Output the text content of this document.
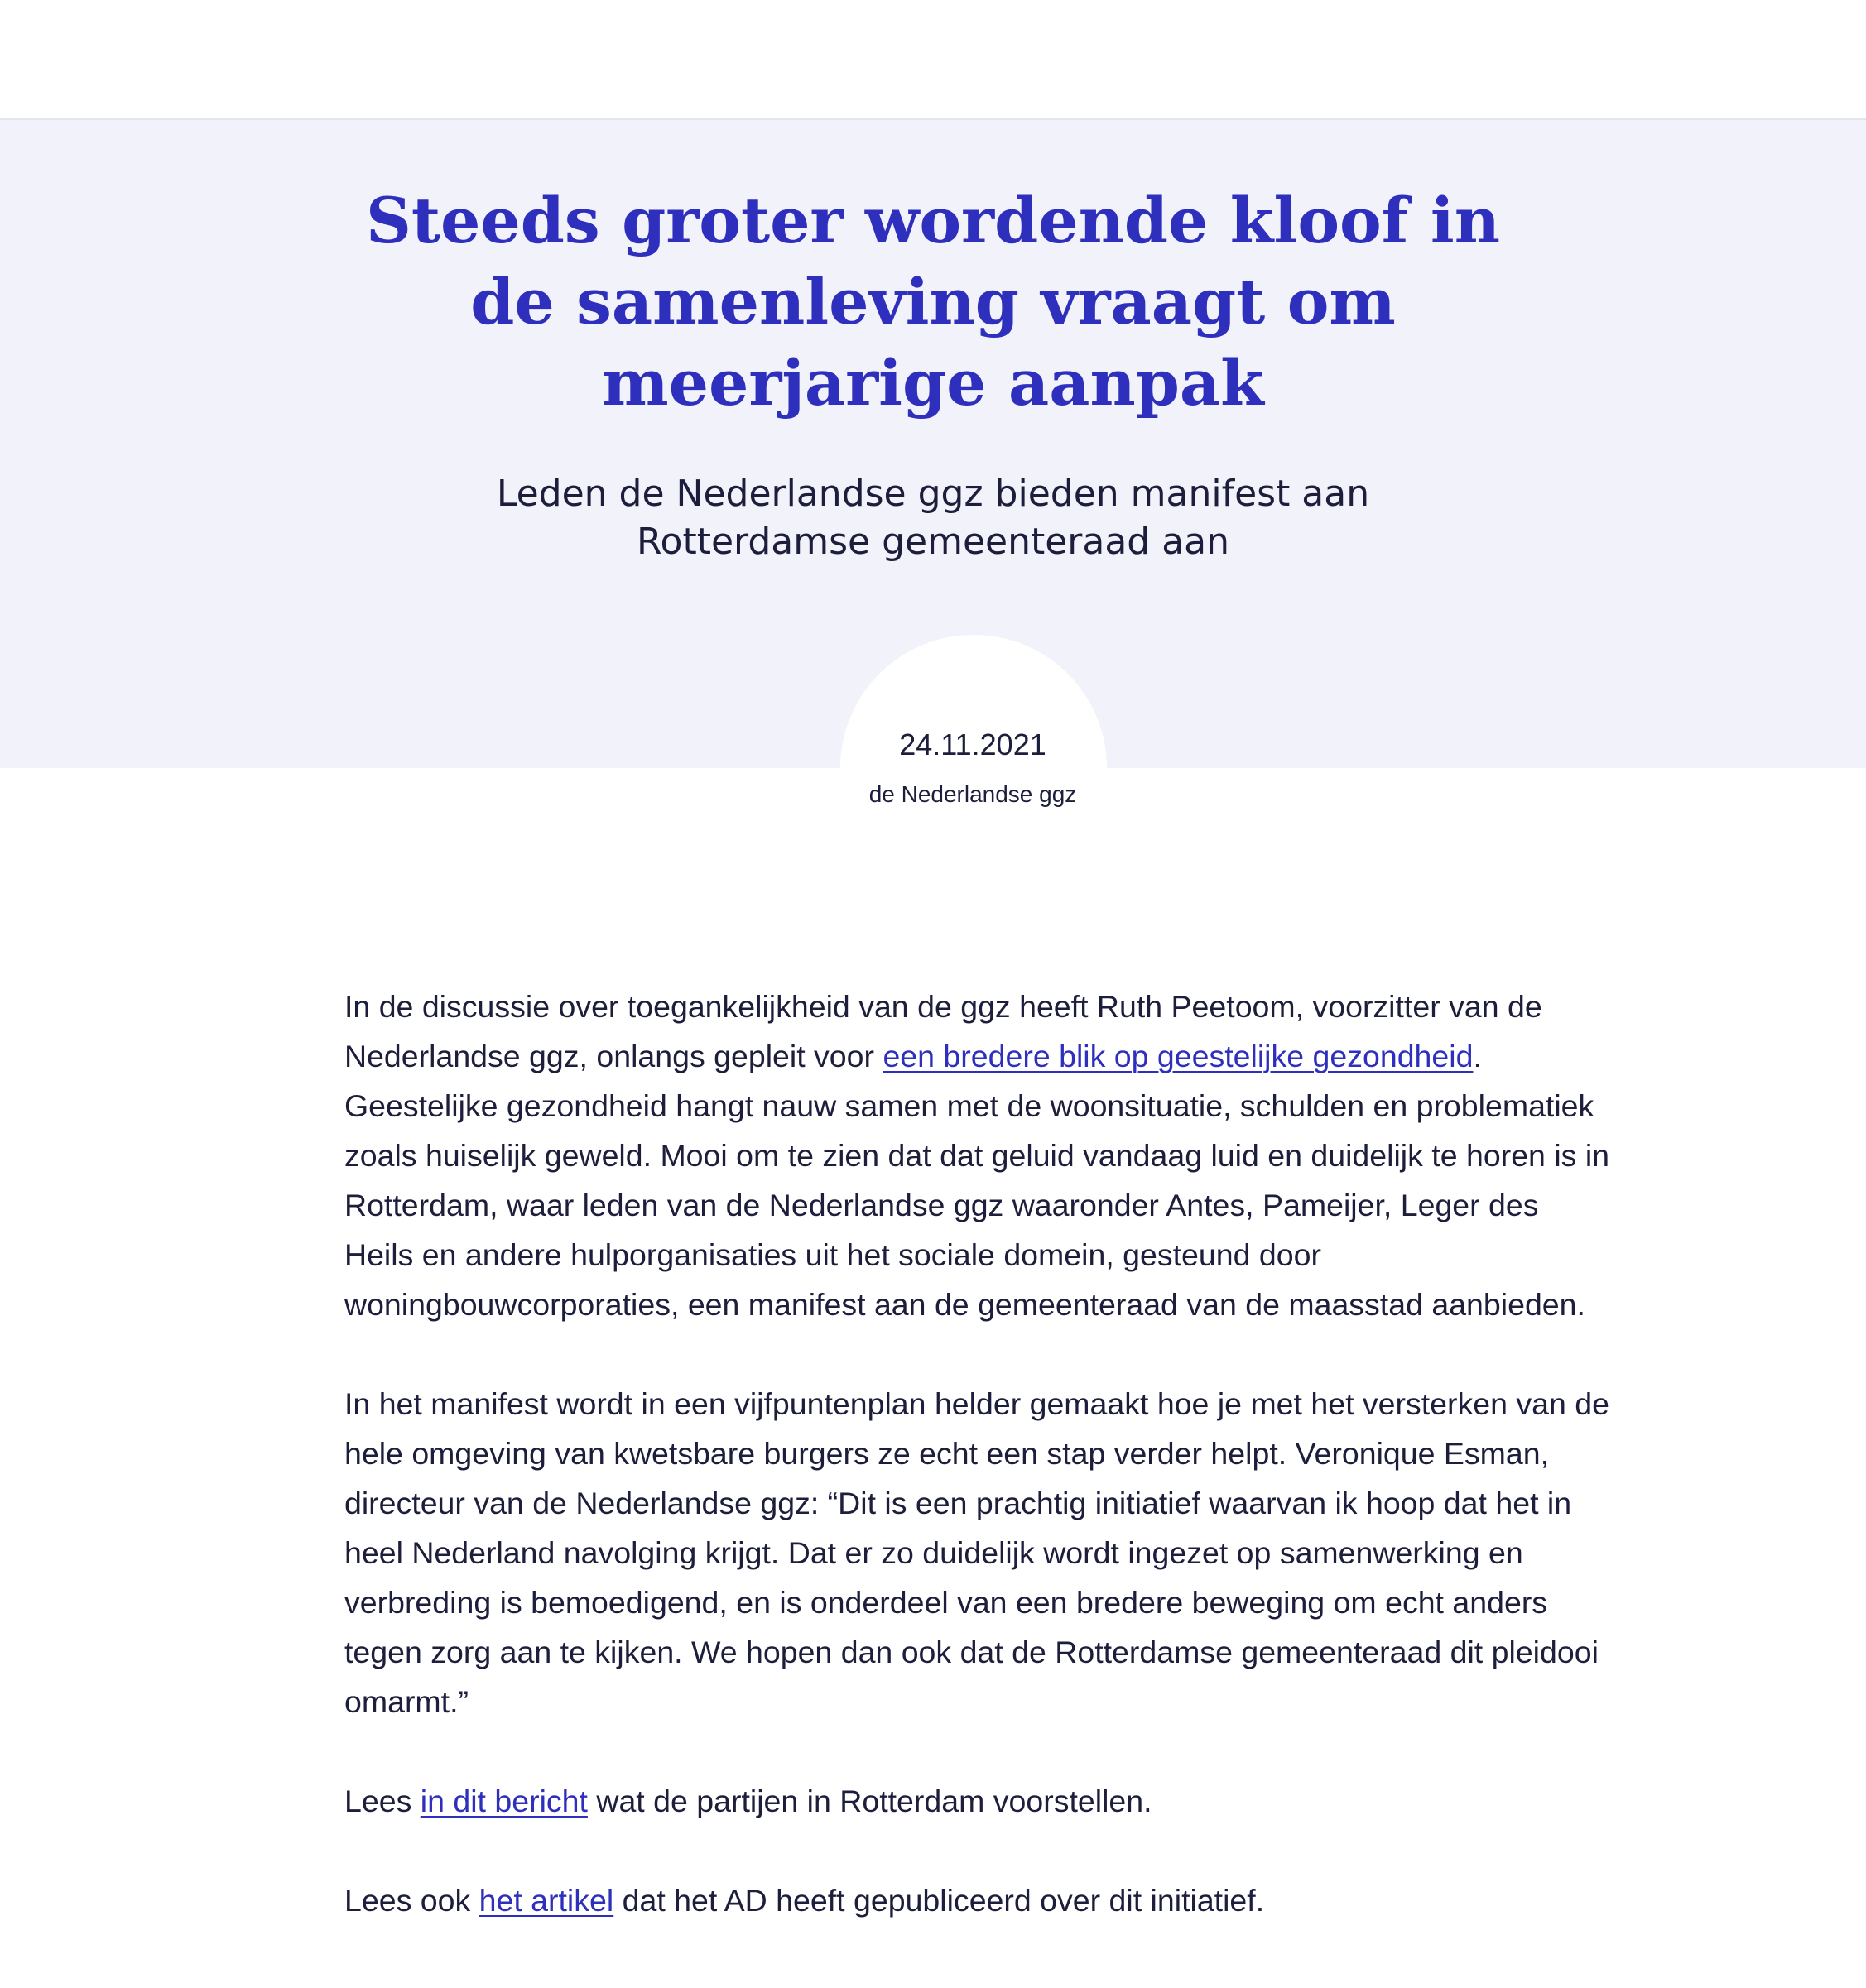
Steeds groter wordende kloof in de samenleving vraagt om meerjarige aanpak
Leden de Nederlandse ggz bieden manifest aan Rotterdamse gemeenteraad aan
24.11.2021
de Nederlandse ggz

In de discussie over toegankelijkheid van de ggz heeft Ruth Peetoom, voorzitter van de Nederlandse ggz, onlangs gepleit voor een bredere blik op geestelijke gezondheid. Geestelijke gezondheid hangt nauw samen met de woonsituatie, schulden en problematiek zoals huiselijk geweld. Mooi om te zien dat dat geluid vandaag luid en duidelijk te horen is in Rotterdam, waar leden van de Nederlandse ggz waaronder Antes, Pameijer, Leger des Heils en andere hulporganisaties uit het sociale domein, gesteund door woningbouwcorporaties, een manifest aan de gemeenteraad van de maasstad aanbieden.

In het manifest wordt in een vijfpuntenplan helder gemaakt hoe je met het versterken van de hele omgeving van kwetsbare burgers ze echt een stap verder helpt. Veronique Esman, directeur van de Nederlandse ggz: “Dit is een prachtig initiatief waarvan ik hoop dat het in heel Nederland navolging krijgt. Dat er zo duidelijk wordt ingezet op samenwerking en verbreding is bemoedigend, en is onderdeel van een bredere beweging om echt anders tegen zorg aan te kijken. We hopen dan ook dat de Rotterdamse gemeenteraad dit pleidooi omarmt.”

Lees in dit bericht wat de partijen in Rotterdam voorstellen.

Lees ook het artikel dat het AD heeft gepubliceerd over dit initiatief.
